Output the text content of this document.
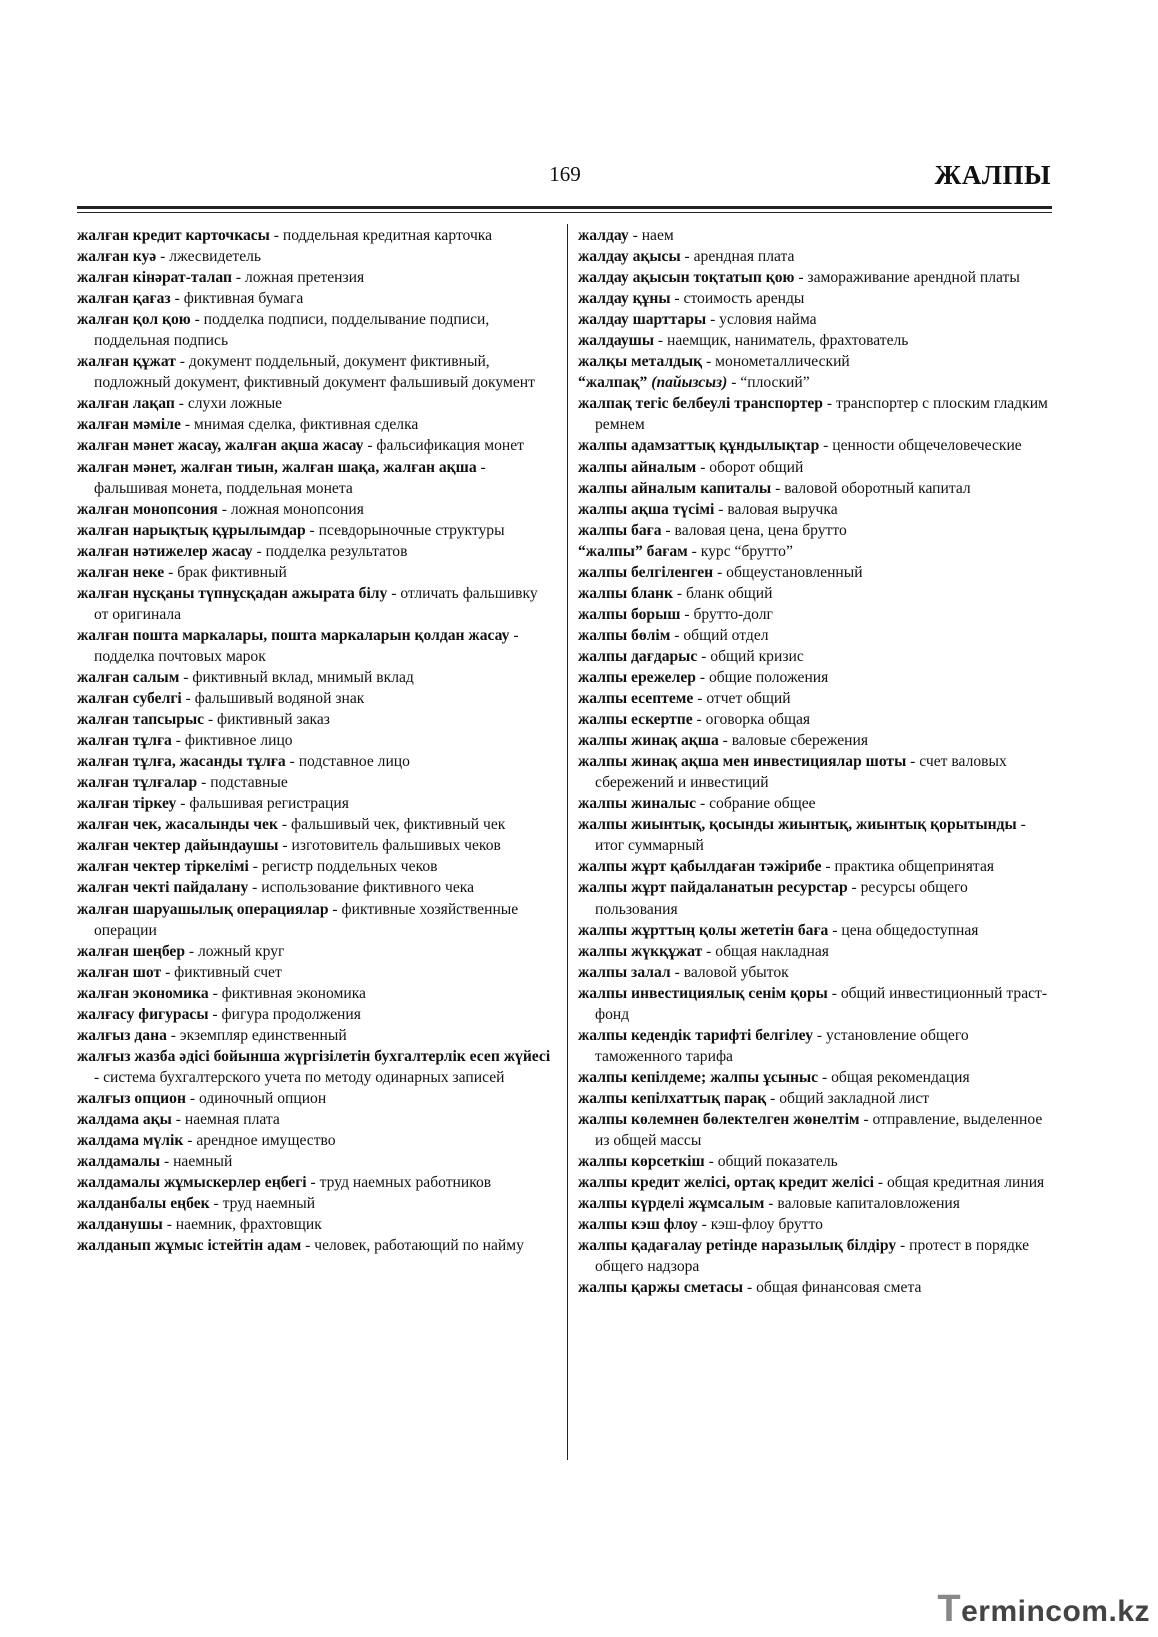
169	ЖАЛПЫ
жалған кредит карточкасы - поддельная кредитная карточка
жалған куә - лжесвидетель
жалған кінәрат-талап - ложная претензия
жалған қағаз - фиктивная бумага
жалған қол қою - подделка подписи, подделывание подписи, поддельная подпись
жалған құжат - документ поддельный, документ фиктивный, подложный документ, фиктивный документ фальшивый документ
жалған лақап - слухи ложные
жалған мәміле - мнимая сделка, фиктивная сделка
жалған мәнет жасау, жалған ақша жасау - фальсификация монет
жалған мәнет, жалған тиын, жалған шақа, жалған ақша - фальшивая монета, поддельная монета
жалған монопсония - ложная монопсония
жалған нарықтық құрылымдар - псевдорыночные структуры
жалған нәтижелер жасау - подделка результатов
жалған неке - брак фиктивный
жалған нұсқаны түпнұсқадан ажырата білу - отличать фальшивку от оригинала
жалған пошта маркалары, пошта маркаларын қолдан жасау - подделка почтовых марок
жалған салым - фиктивный вклад, мнимый вклад
жалған субелгі - фальшивый водяной знак
жалған тапсырыс - фиктивный заказ
жалған тұлға - фиктивное лицо
жалған тұлға, жасанды тұлға - подставное лицо
жалған тұлғалар - подставные
жалған тіркеу - фальшивая регистрация
жалған чек, жасалынды чек - фальшивый чек, фиктивный чек
жалған чектер дайындаушы - изготовитель фальшивых чеков
жалған чектер тіркелімі - регистр поддельных чеков
жалған чекті пайдалану - использование фиктивного чека
жалған шаруашылық операциялар - фиктивные хозяйственные операции
жалған шеңбер - ложный круг
жалған шот - фиктивный счет
жалған экономика - фиктивная экономика
жалғасу фигурасы - фигура продолжения
жалғыз дана - экземпляр единственный
жалғыз жазба әдісі бойынша жүргізілетін бухгалтерлік есеп жүйесі - система бухгалтерского учета по методу одинарных записей
жалғыз опцион - одиночный опцион
жалдама ақы - наемная плата
жалдама мүлік - арендное имущество
жалдамалы - наемный
жалдамалы жұмыскерлер еңбегі - труд наемных работников
жалданбалы еңбек - труд наемный
жалданушы - наемник, фрахтовщик
жалданып жұмыс істейтін адам - человек, работающий по найму
жалдау - наем
жалдау ақысы - арендная плата
жалдау ақысын тоқтатып қою - замораживание арендной платы
жалдау құны - стоимость аренды
жалдау шарттары - условия найма
жалдаушы - наемщик, наниматель, фрахтователь
жалқы металдық - монометаллический
“жалпақ” (пайызсыз) - “плоский”
жалпақ тегіс белбеулі транспортер - транспортер с плоским гладким ремнем
жалпы адамзаттық құндылықтар - ценности общечеловеческие
жалпы айналым - оборот общий
жалпы айналым капиталы - валовой оборотный капитал
жалпы ақша түсімі - валовая выручка
жалпы баға - валовая цена, цена брутто
“жалпы” бағам - курс “брутто”
жалпы белгіленген - общеустановленный
жалпы бланк - бланк общий
жалпы борыш - брутто-долг
жалпы бөлім - общий отдел
жалпы дағдарыс - общий кризис
жалпы ережелер - общие положения
жалпы есептеме - отчет общий
жалпы ескертпе - оговорка общая
жалпы жинақ ақша - валовые сбережения
жалпы жинақ ақша мен инвестициялар шоты - счет валовых сбережений и инвестиций
жалпы жиналыс - собрание общее
жалпы жиынтық, қосынды жиынтық, жиынтық қорытынды - итог суммарный
жалпы жұрт қабылдаған тәжірибе - практика общепринятая
жалпы жұрт пайдаланатын ресурстар - ресурсы общего пользования
жалпы жұрттың қолы жететін баға - цена общедоступная
жалпы жүкқұжат - общая накладная
жалпы залал - валовой убыток
жалпы инвестициялық сенім қоры - общий инвестиционный траст-фонд
жалпы кедендік тарифті белгілеу - установление общего таможенного тарифа
жалпы кепілдеме; жалпы ұсыныс - общая рекомендация
жалпы кепілхаттық парақ - общий закладной лист
жалпы көлемнен бөлектелген жөнелтім - отправление, выделенное из общей массы
жалпы көрсеткіш - общий показатель
жалпы кредит желісі, ортақ кредит желісі - общая кредитная линия
жалпы күрделі жұмсалым - валовые капиталовложения
жалпы кэш флоу - кэш-флоу брутто
жалпы қадағалау ретінде наразылық білдіру - протест в порядке общего надзора
жалпы қаржы сметасы - общая финансовая смета
Termincom.kz
